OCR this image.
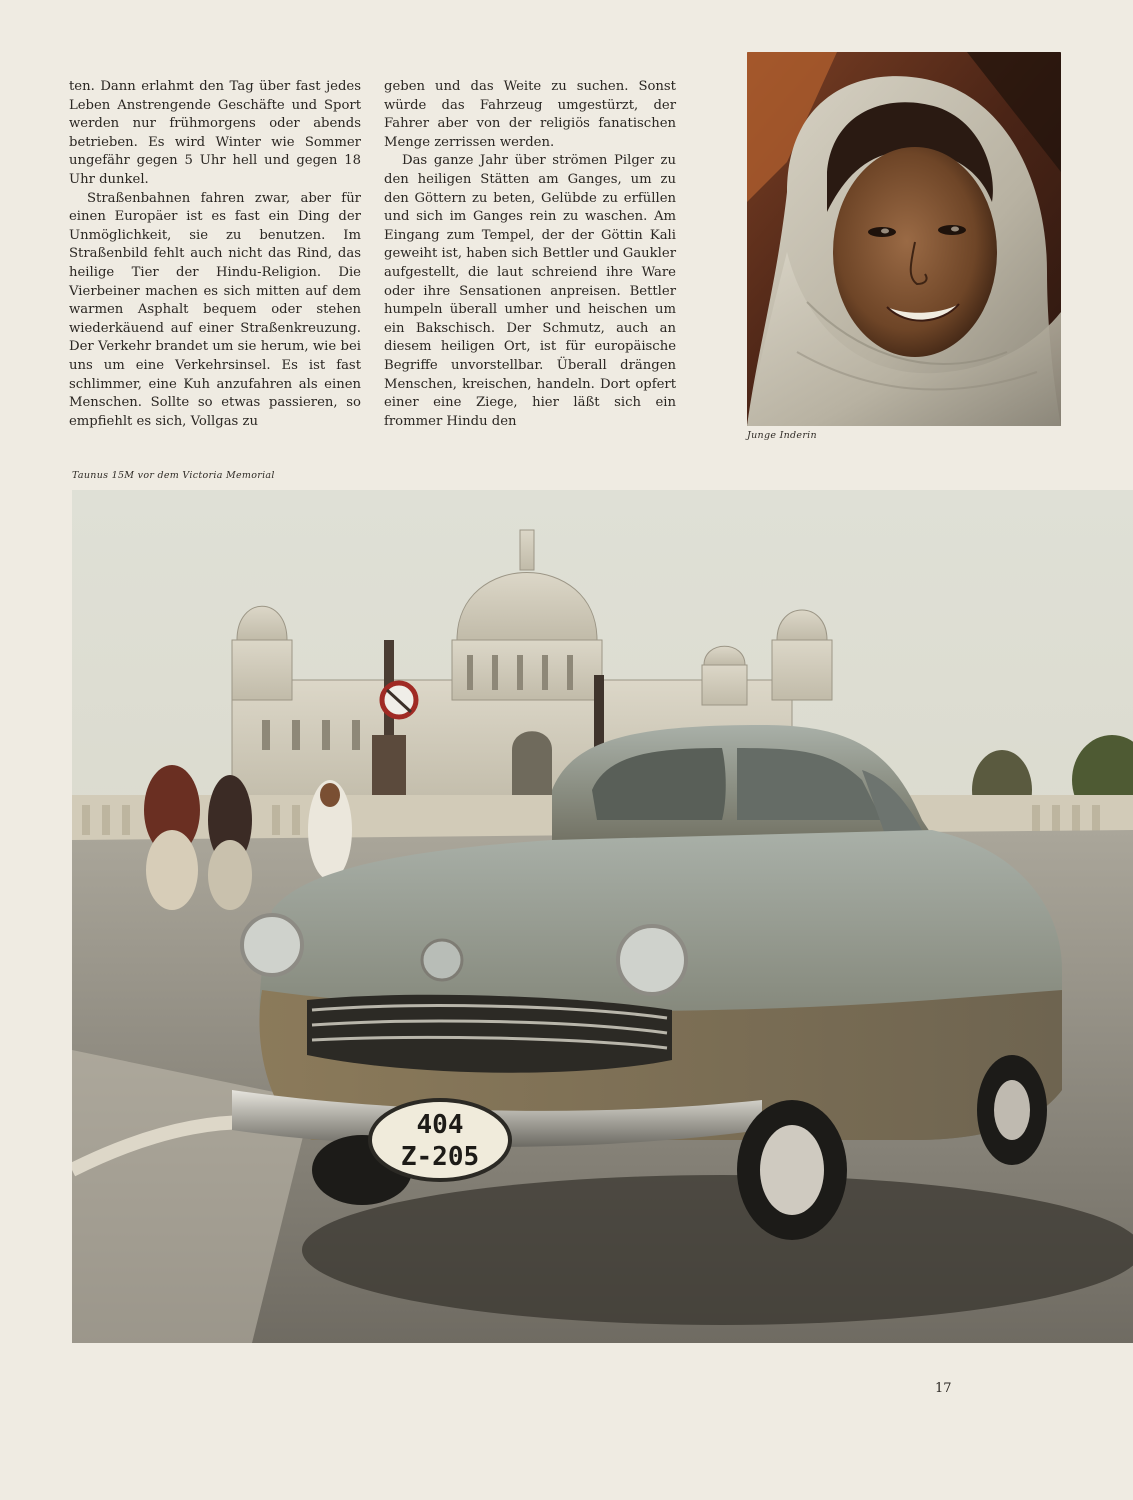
ten. Dann erlahmt den Tag über fast jedes Leben Anstrengende Geschäfte und Sport werden nur frühmorgens oder abends betrieben. Es wird Winter wie Sommer ungefähr gegen 5 Uhr hell und gegen 18 Uhr dunkel.

Straßenbahnen fahren zwar, aber für einen Europäer ist es fast ein Ding der Unmöglichkeit, sie zu benutzen. Im Straßenbild fehlt auch nicht das Rind, das heilige Tier der Hindu-Religion. Die Vierbeiner machen es sich mitten auf dem warmen Asphalt bequem oder stehen wiederkäuend auf einer Straßenkreuzung. Der Verkehr brandet um sie herum, wie bei uns um eine Verkehrsinsel. Es ist fast schlimmer, eine Kuh anzufahren als einen Menschen. Sollte so etwas passieren, so empfiehlt es sich, Vollgas zu

geben und das Weite zu suchen. Sonst würde das Fahrzeug umgestürzt, der Fahrer aber von der religiös fanatischen Menge zerrissen werden.

Das ganze Jahr über strömen Pilger zu den heiligen Stätten am Ganges, um zu den Göttern zu beten, Gelübde zu erfüllen und sich im Ganges rein zu waschen. Am Eingang zum Tempel, der der Göttin Kali geweiht ist, haben sich Bettler und Gaukler aufgestellt, die laut schreiend ihre Ware oder ihre Sensationen anpreisen. Bettler humpeln überall umher und heischen um ein Bakschisch. Der Schmutz, auch an diesem heiligen Ort, ist für europäische Begriffe unvorstellbar. Überall drängen Menschen, kreischen, handeln. Dort opfert einer eine Ziege, hier läßt sich ein frommer Hindu den

Junge Inderin
Taunus 15M vor dem Victoria Memorial
404
Z-205
17
